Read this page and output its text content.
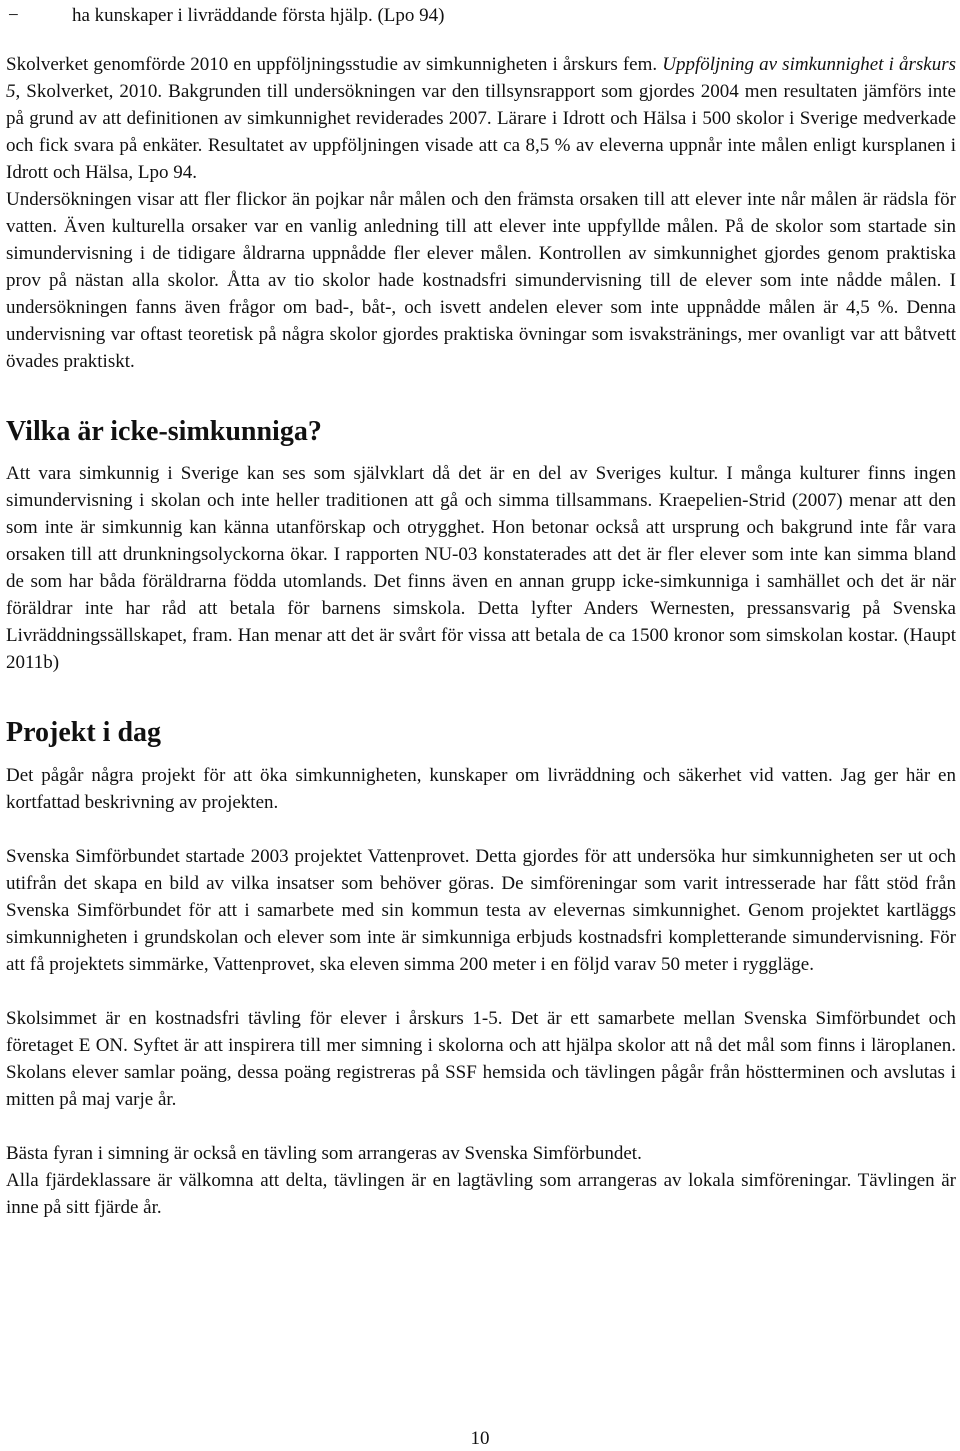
−	ha kunskaper i livräddande första hjälp. (Lpo 94)

Skolverket genomförde 2010 en uppföljningsstudie av simkunnigheten i årskurs fem. Uppföljning av simkunnighet i årskurs 5, Skolverket, 2010. Bakgrunden till undersökningen var den tillsynsrapport som gjordes 2004 men resultaten jämförs inte på grund av att definitionen av simkunnighet reviderades 2007. Lärare i Idrott och Hälsa i 500 skolor i Sverige medverkade och fick svara på enkäter. Resultatet av uppföljningen visade att ca 8,5 % av eleverna uppnår inte målen enligt kursplanen i Idrott och Hälsa, Lpo 94.

Undersökningen visar att fler flickor än pojkar når målen och den främsta orsaken till att elever inte når målen är rädsla för vatten. Även kulturella orsaker var en vanlig anledning till att elever inte uppfyllde målen. På de skolor som startade sin simundervisning i de tidigare åldrarna uppnådde fler elever målen. Kontrollen av simkunnighet gjordes genom praktiska prov på nästan alla skolor. Åtta av tio skolor hade kostnadsfri simundervisning till de elever som inte nådde målen. I undersökningen fanns även frågor om bad-, båt-, och isvett andelen elever som inte uppnådde målen är 4,5 %. Denna undervisning var oftast teoretisk på några skolor gjordes praktiska övningar som isvakstränings, mer ovanligt var att båtvett övades praktiskt.

Vilka är icke-simkunniga?

Att vara simkunnig i Sverige kan ses som självklart då det är en del av Sveriges kultur. I många kulturer finns ingen simundervisning i skolan och inte heller traditionen att gå och simma tillsammans. Kraepelien-Strid (2007) menar att den som inte är simkunnig kan känna utanförskap och otrygghet. Hon betonar också att ursprung och bakgrund inte får vara orsaken till att drunkningsolyckorna ökar. I rapporten NU-03 konstaterades att det är fler elever som inte kan simma bland de som har båda föräldrarna födda utomlands. Det finns även en annan grupp icke-simkunniga i samhället och det är när föräldrar inte har råd att betala för barnens simskola. Detta lyfter Anders Wernesten, pressansvarig på Svenska Livräddningssällskapet, fram. Han menar att det är svårt för vissa att betala de ca 1500 kronor som simskolan kostar. (Haupt 2011b)

Projekt i dag

Det pågår några projekt för att öka simkunnigheten, kunskaper om livräddning och säkerhet vid vatten. Jag ger här en kortfattad beskrivning av projekten.

Svenska Simförbundet startade 2003 projektet Vattenprovet. Detta gjordes för att undersöka hur simkunnigheten ser ut och utifrån det skapa en bild av vilka insatser som behöver göras. De simföreningar som varit intresserade har fått stöd från Svenska Simförbundet för att i samarbete med sin kommun testa av elevernas simkunnighet. Genom projektet kartläggs simkunnigheten i grundskolan och elever som inte är simkunniga erbjuds kostnadsfri kompletterande simundervisning. För att få projektets simmärke, Vattenprovet, ska eleven simma 200 meter i en följd varav 50 meter i ryggläge.

Skolsimmet är en kostnadsfri tävling för elever i årskurs 1-5. Det är ett samarbete mellan Svenska Simförbundet och företaget E ON. Syftet är att inspirera till mer simning i skolorna och att hjälpa skolor att nå det mål som finns i läroplanen. Skolans elever samlar poäng, dessa poäng registreras på SSF hemsida och tävlingen pågår från höstterminen och avslutas i mitten på maj varje år.

Bästa fyran i simning är också en tävling som arrangeras av Svenska Simförbundet.

Alla fjärdeklassare är välkomna att delta, tävlingen är en lagtävling som arrangeras av lokala simföreningar. Tävlingen är inne på sitt fjärde år.

10
